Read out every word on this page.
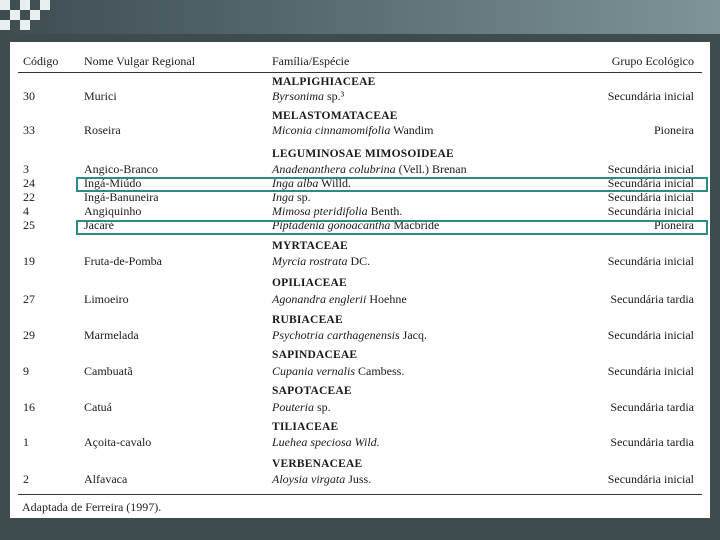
Código Nome Vulgar Regional	Família/Espécie	Grupo Ecológico
MALPIGHIACEAE
30	Murici	Byrsonima sp.³	Secundária inicial
MELASTOMATACEAE
33	Roseira	Miconia cinnamomifolia Wandim	Pioneira
LEGUMINOSAE MIMOSOIDEAE
3	Angico-Branco	Anadenanthera colubrina (Vell.) Brenan	Secundária inicial
24	Ingá-Miúdo	Inga alba Willd.	Secundária inicial
22	Ingá-Banuneira	Inga sp.	Secundária inicial
4	Angiquinho	Mimosa pteridifolia Benth.	Secundária inicial
25	Jacaré	Piptadenia gonoacantha Macbride	Pioneira
MYRTACEAE
19	Fruta-de-Pomba	Myrcia rostrata DC.	Secundária inicial
OPILIACEAE
27	Limoeiro	Agonandra englerii Hoehne	Secundária tardia
RUBIACEAE
29	Marmelada	Psychotria carthagenensis Jacq.	Secundária inicial
SAPINDACEAE
9	Cambuatã	Cupania vernalis Cambess.	Secundária inicial
SAPOTACEAE
16	Catuá	Pouteria sp.	Secundária tardia
TILIACEAE
1	Açoita-cavalo	Luehea speciosa Wild.	Secundária tardia
VERBENACEAE
2	Alfavaca	Aloysia virgata Juss.	Secundária inicial
Adaptada de Ferreira (1997).
